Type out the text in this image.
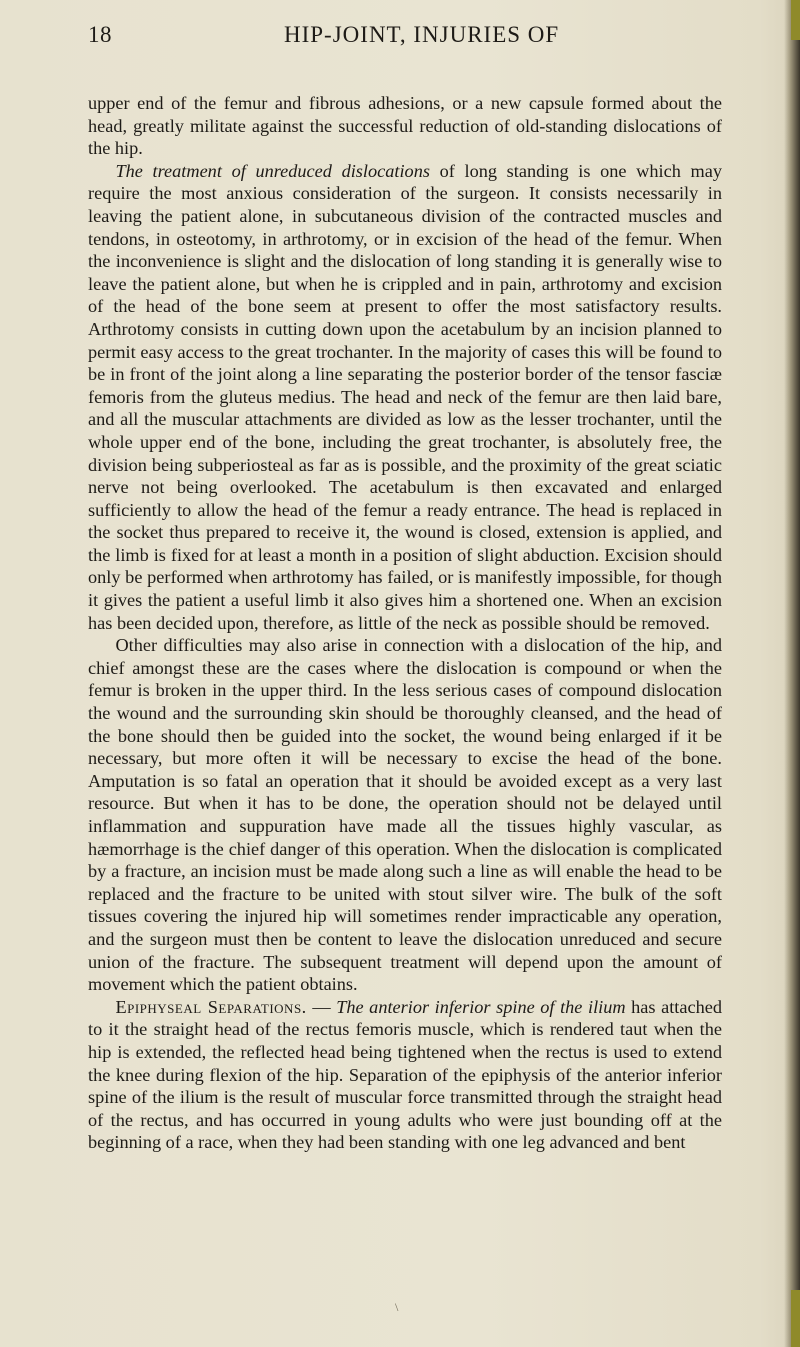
18	HIP-JOINT, INJURIES OF

upper end of the femur and fibrous adhesions, or a new capsule formed about the head, greatly militate against the successful reduction of old-standing dislocations of the hip.

The treatment of unreduced dislocations of long standing is one which may require the most anxious consideration of the surgeon. It consists necessarily in leaving the patient alone, in subcutaneous division of the contracted muscles and tendons, in osteotomy, in arthrotomy, or in excision of the head of the femur. When the inconvenience is slight and the dislocation of long standing it is generally wise to leave the patient alone, but when he is crippled and in pain, arthrotomy and excision of the head of the bone seem at present to offer the most satisfactory results. Arthrotomy consists in cutting down upon the acetabulum by an incision planned to permit easy access to the great trochanter. In the majority of cases this will be found to be in front of the joint along a line separating the posterior border of the tensor fasciæ femoris from the gluteus medius. The head and neck of the femur are then laid bare, and all the muscular attachments are divided as low as the lesser trochanter, until the whole upper end of the bone, including the great trochanter, is absolutely free, the division being subperiosteal as far as is possible, and the proximity of the great sciatic nerve not being overlooked. The acetabulum is then excavated and enlarged sufficiently to allow the head of the femur a ready entrance. The head is replaced in the socket thus prepared to receive it, the wound is closed, extension is applied, and the limb is fixed for at least a month in a position of slight abduction. Excision should only be performed when arthrotomy has failed, or is manifestly impossible, for though it gives the patient a useful limb it also gives him a shortened one. When an excision has been decided upon, therefore, as little of the neck as possible should be removed.

Other difficulties may also arise in connection with a dislocation of the hip, and chief amongst these are the cases where the dislocation is compound or when the femur is broken in the upper third. In the less serious cases of compound dislocation the wound and the surrounding skin should be thoroughly cleansed, and the head of the bone should then be guided into the socket, the wound being enlarged if it be necessary, but more often it will be necessary to excise the head of the bone. Amputation is so fatal an operation that it should be avoided except as a very last resource. But when it has to be done, the operation should not be delayed until inflammation and suppuration have made all the tissues highly vascular, as hæmorrhage is the chief danger of this operation. When the dislocation is complicated by a fracture, an incision must be made along such a line as will enable the head to be replaced and the fracture to be united with stout silver wire. The bulk of the soft tissues covering the injured hip will sometimes render impracticable any operation, and the surgeon must then be content to leave the dislocation unreduced and secure union of the fracture. The subsequent treatment will depend upon the amount of movement which the patient obtains.

Epiphyseal Separations. — The anterior inferior spine of the ilium has attached to it the straight head of the rectus femoris muscle, which is rendered taut when the hip is extended, the reflected head being tightened when the rectus is used to extend the knee during flexion of the hip. Separation of the epiphysis of the anterior inferior spine of the ilium is the result of muscular force transmitted through the straight head of the rectus, and has occurred in young adults who were just bounding off at the beginning of a race, when they had been standing with one leg advanced and bent

\
